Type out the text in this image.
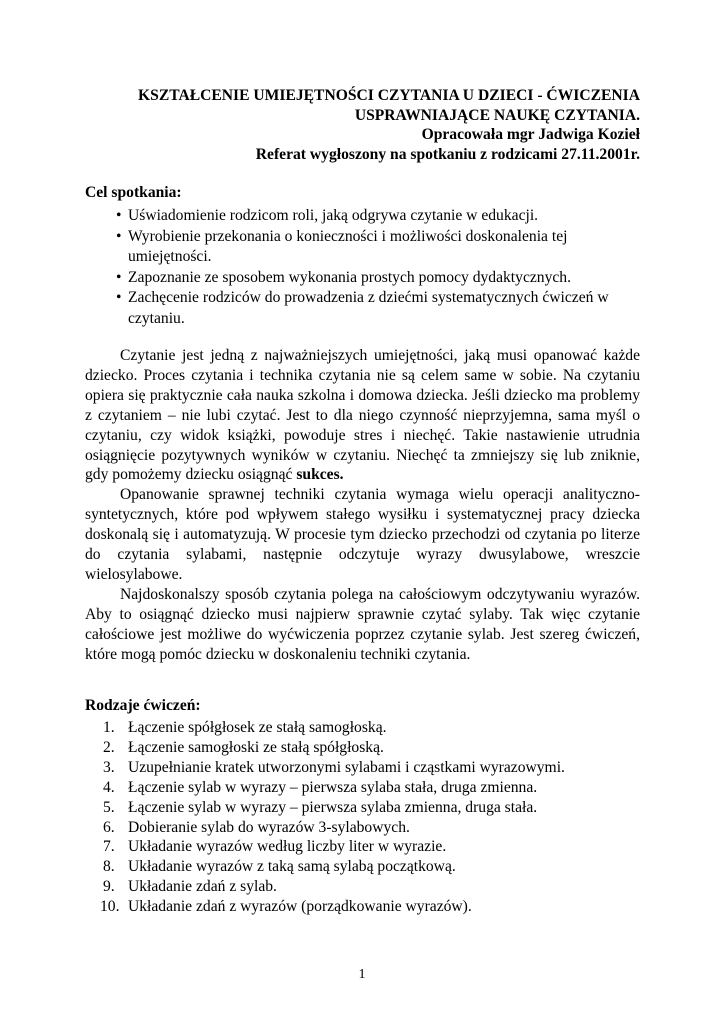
KSZTAŁCENIE UMIEJĘTNOŚCI CZYTANIA U DZIECI - ĆWICZENIA
USPRAWNIAJĄCE NAUKĘ CZYTANIA.
Opracowała mgr Jadwiga Kozieł
Referat wygłoszony na spotkaniu z rodzicami 27.11.2001r.
Cel spotkania:
• Uświadomienie rodzicom roli, jaką odgrywa czytanie w edukacji.
• Wyrobienie przekonania o konieczności i możliwości doskonalenia tej umiejętności.
• Zapoznanie ze sposobem wykonania prostych pomocy dydaktycznych.
• Zachęcenie rodziców do prowadzenia z dziećmi systematycznych ćwiczeń w czytaniu.

Czytanie jest jedną z najważniejszych umiejętności, jaką musi opanować każde dziecko. Proces czytania i technika czytania nie są celem same w sobie. Na czytaniu opiera się praktycznie cała nauka szkolna i domowa dziecka. Jeśli dziecko ma problemy z czytaniem – nie lubi czytać. Jest to dla niego czynność nieprzyjemna, sama myśl o czytaniu, czy widok książki, powoduje stres i niechęć. Takie nastawienie utrudnia osiągnięcie pozytywnych wyników w czytaniu. Niechęć ta zmniejszy się lub zniknie, gdy pomożemy dziecku osiągnąć sukces.

Opanowanie sprawnej techniki czytania wymaga wielu operacji analityczno-syntetycznych, które pod wpływem stałego wysiłku i systematycznej pracy dziecka doskonalą się i automatyzują. W procesie tym dziecko przechodzi od czytania po literze do czytania sylabami, następnie odczytuje wyrazy dwusylabowe, wreszcie wielosylabowe.

Najdoskonalszy sposób czytania polega na całościowym odczytywaniu wyrazów. Aby to osiągnąć dziecko musi najpierw sprawnie czytać sylaby. Tak więc czytanie całościowe jest możliwe do wyćwiczenia poprzez czytanie sylab. Jest szereg ćwiczeń, które mogą pomóc dziecku w doskonaleniu techniki czytania.

Rodzaje ćwiczeń:
1. Łączenie spółgłosek ze stałą samogłoską.
2. Łączenie samogłoski ze stałą spółgłoską.
3. Uzupełnianie kratek utworzonymi sylabami i cząstkami wyrazowymi.
4. Łączenie sylab w wyrazy – pierwsza sylaba stała, druga zmienna.
5. Łączenie sylab w wyrazy – pierwsza sylaba zmienna, druga stała.
6. Dobieranie sylab do wyrazów 3-sylabowych.
7. Układanie wyrazów według liczby liter w wyrazie.
8. Układanie wyrazów z taką samą sylabą początkową.
9. Układanie zdań z sylab.
10. Układanie zdań z wyrazów (porządkowanie wyrazów).
1
